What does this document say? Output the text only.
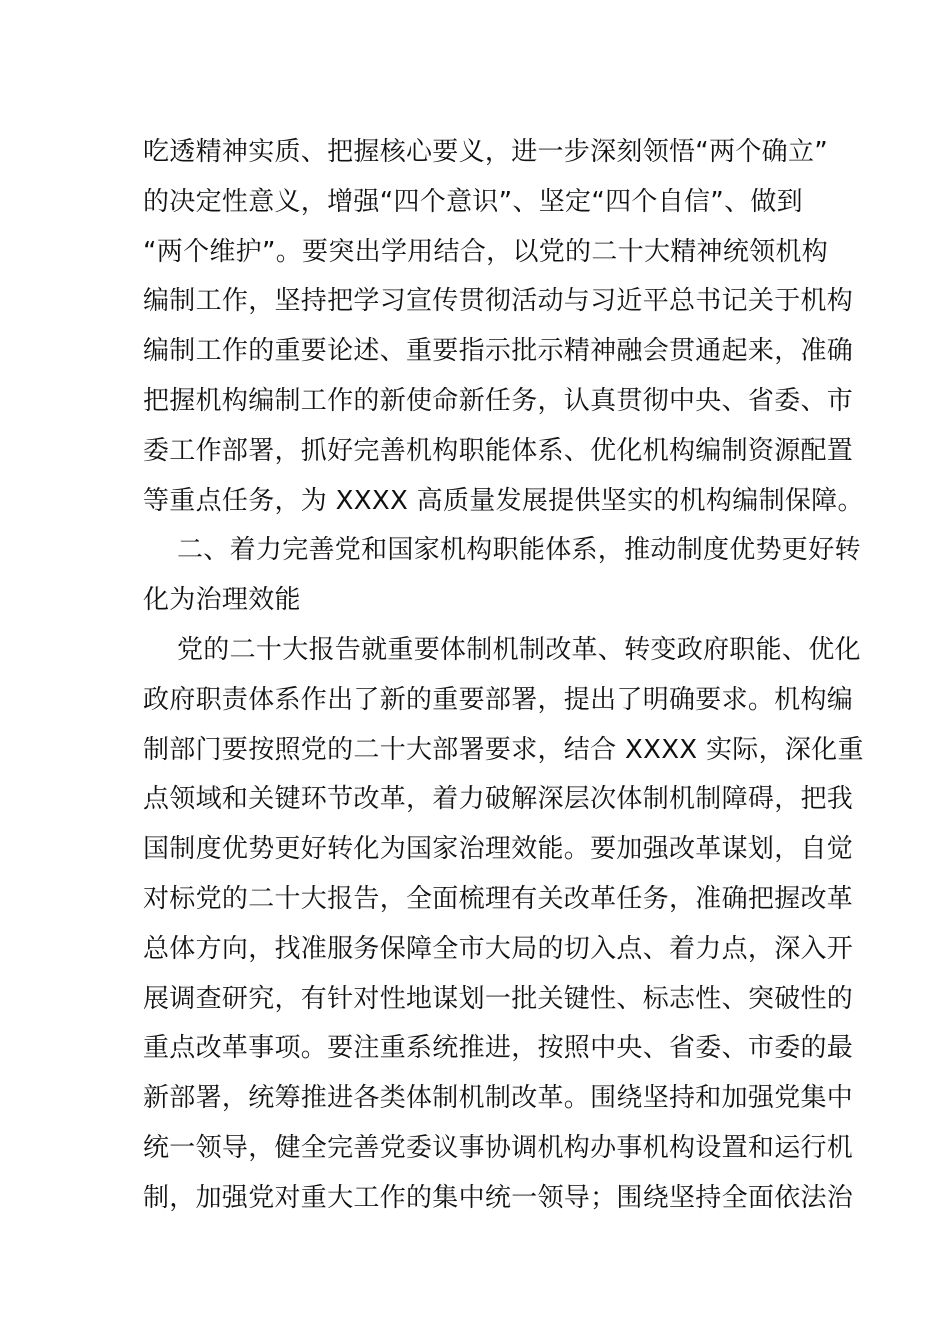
吃透精神实质、把握核心要义，进一步深刻领悟“两个确立”
的决定性意义，增强“四个意识”、坚定“四个自信”、做到
“两个维护”。要突出学用结合，以党的二十大精神统领机构
编制工作，坚持把学习宣传贯彻活动与习近平总书记关于机构
编制工作的重要论述、重要指示批示精神融会贯通起来，准确
把握机构编制工作的新使命新任务，认真贯彻中央、省委、市
委工作部署，抓好完善机构职能体系、优化机构编制资源配置
等重点任务，为 XXXX 高质量发展提供坚实的机构编制保障。
二、着力完善党和国家机构职能体系，推动制度优势更好转
化为治理效能
党的二十大报告就重要体制机制改革、转变政府职能、优化
政府职责体系作出了新的重要部署，提出了明确要求。机构编
制部门要按照党的二十大部署要求，结合 XXXX 实际，深化重
点领域和关键环节改革，着力破解深层次体制机制障碍，把我
国制度优势更好转化为国家治理效能。要加强改革谋划，自觉
对标党的二十大报告，全面梳理有关改革任务，准确把握改革
总体方向，找准服务保障全市大局的切入点、着力点，深入开
展调查研究，有针对性地谋划一批关键性、标志性、突破性的
重点改革事项。要注重系统推进，按照中央、省委、市委的最
新部署，统筹推进各类体制机制改革。围绕坚持和加强党集中
统一领导，健全完善党委议事协调机构办事机构设置和运行机
制，加强党对重大工作的集中统一领导；围绕坚持全面依法治
